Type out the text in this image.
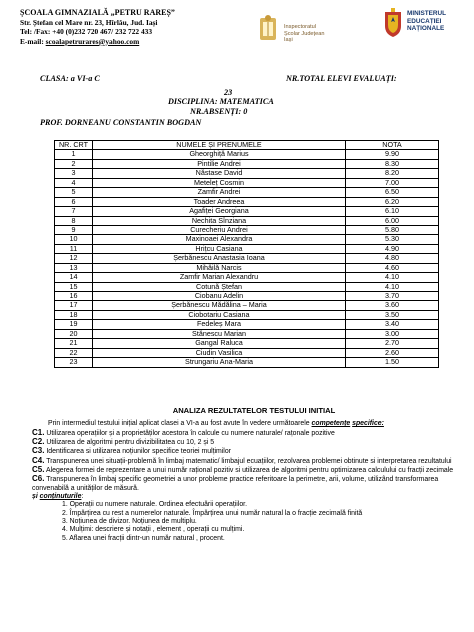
ȘCOALA GIMNAZIALĂ „PETRU RAREȘ”
Str. Ștefan cel Mare nr. 23, Hîrlău, Jud. Iași
Tel: /Fax: +40 (0)232 720 467/ 232 722 433
E-mail: scoalapetrurares@yahoo.com
Inspectoratul
Școlar Județean
Iași
MINISTERUL
EDUCAȚIEI
NAȚIONALE
CLASA: a VI-a C	NR.TOTAL ELEVI EVALUAȚI:
23
DISCIPLINA: MATEMATICA
NR.ABSENȚI: 0
PROF. DORNEANU CONSTANTIN BOGDAN
NR. CRT	NUMELE ȘI PRENUMELE	NOTA
1	Gheorghiță Marius	9.90
2	Pintilie Andrei	8.30
3	Năstase David	8.20
4	Meteleț Cosmin	7.00
5	Zamfir Andrei	6.50
6	Toader Andreea	6.20
7	Agafiței Georgiana	6.10
8	Nechita Sînziana	6.00
9	Curecheriu Andrei	5.80
10	Maxinoaei Alexandra	5.30
11	Hrițcu Casiana	4.90
12	Șerbănescu Anastasia Ioana	4.80
13	Mihăilă Narcis	4.60
14	Zamfir Marian Alexandru	4.10
15	Cotună Ștefan	4.10
16	Ciobanu Adelin	3.70
17	Șerbănescu Mădălina – Maria	3.60
18	Ciobotariu Casiana	3.50
19	Fedeleș Mara	3.40
20	Stănescu Marian	3.00
21	Gangal Raluca	2.70
22	Ciudin Vasilica	2.60
23	Strungariu Ana-Maria	1.50
ANALIZA REZULTATELOR TESTULUI INITIAL

Prin intermediul testului inițial aplicat clasei a VI-a au fost avute în vedere următoarele competențe specifice:

C1. Utilizarea operațiilor și a proprietăților acestora în calcule cu numere naturale/ rațonale pozitive

C2. Utilizarea de algoritmi pentru divizibilitatea cu 10, 2 și 5

C3. Identificarea si utilizarea noțiunilor specifice teoriei mulțimilor

C4. Transpunerea unei situații-problemă în limbaj matematic/ limbajul ecuațiilor, rezolvarea problemei obtinute si interpretarea rezultatului

C5. Alegerea formei de reprezentare a unui număr rațional pozitiv si utilizarea de algoritmi pentru optimizarea calculului cu fracții zecimale

C6. Transpunerea în limbaj specific geometriei a unor probleme practice referitoare la perimetre, arii, volume, utilizând transformarea convenabilă a unităților de măsură.

și conținuturile:

1. Operații cu numere naturale. Ordinea efectuării operațiilor.
2. Împărțirea cu rest a numerelor naturale. Împărțirea unui număr natural la o fracție zecimală finită
3. Noțiunea de divizor. Noțiunea de multiplu.
4. Mulțimi: descriere și notații , element , operații cu mulțimi.
5. Aflarea unei fracții dintr-un număr natural , procent.
